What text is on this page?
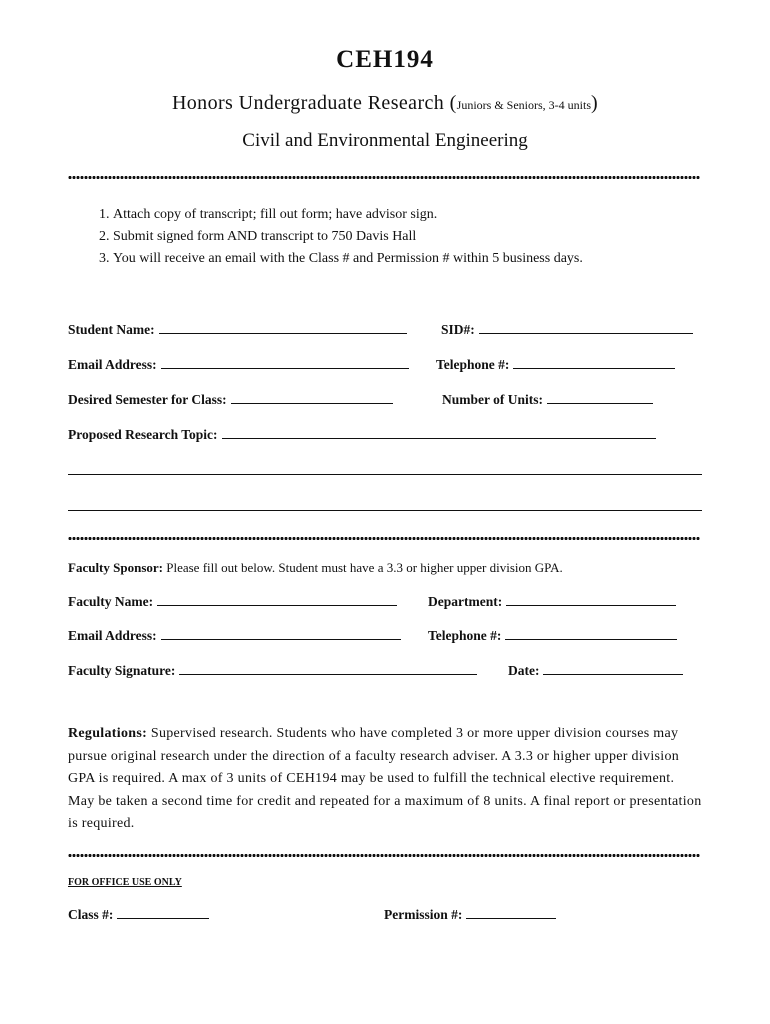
CEH194
Honors Undergraduate Research (Juniors & Seniors, 3-4 units)
Civil and Environmental Engineering
1. Attach copy of transcript; fill out form; have advisor sign.
2. Submit signed form AND transcript to 750 Davis Hall
3. You will receive an email with the Class # and Permission # within 5 business days.
Student Name:	SID#:
Email Address:	Telephone #:
Desired Semester for Class:	Number of Units:
Proposed Research Topic:
Faculty Sponsor: Please fill out below. Student must have a 3.3 or higher upper division GPA.
Faculty Name:	Department:
Email Address:	Telephone #:
Faculty Signature:	Date:
Regulations: Supervised research. Students who have completed 3 or more upper division courses may pursue original research under the direction of a faculty research adviser. A 3.3 or higher upper division GPA is required. A max of 3 units of CEH194 may be used to fulfill the technical elective requirement. May be taken a second time for credit and repeated for a maximum of 8 units. A final report or presentation is required.
FOR OFFICE USE ONLY
Class #:	Permission #:
